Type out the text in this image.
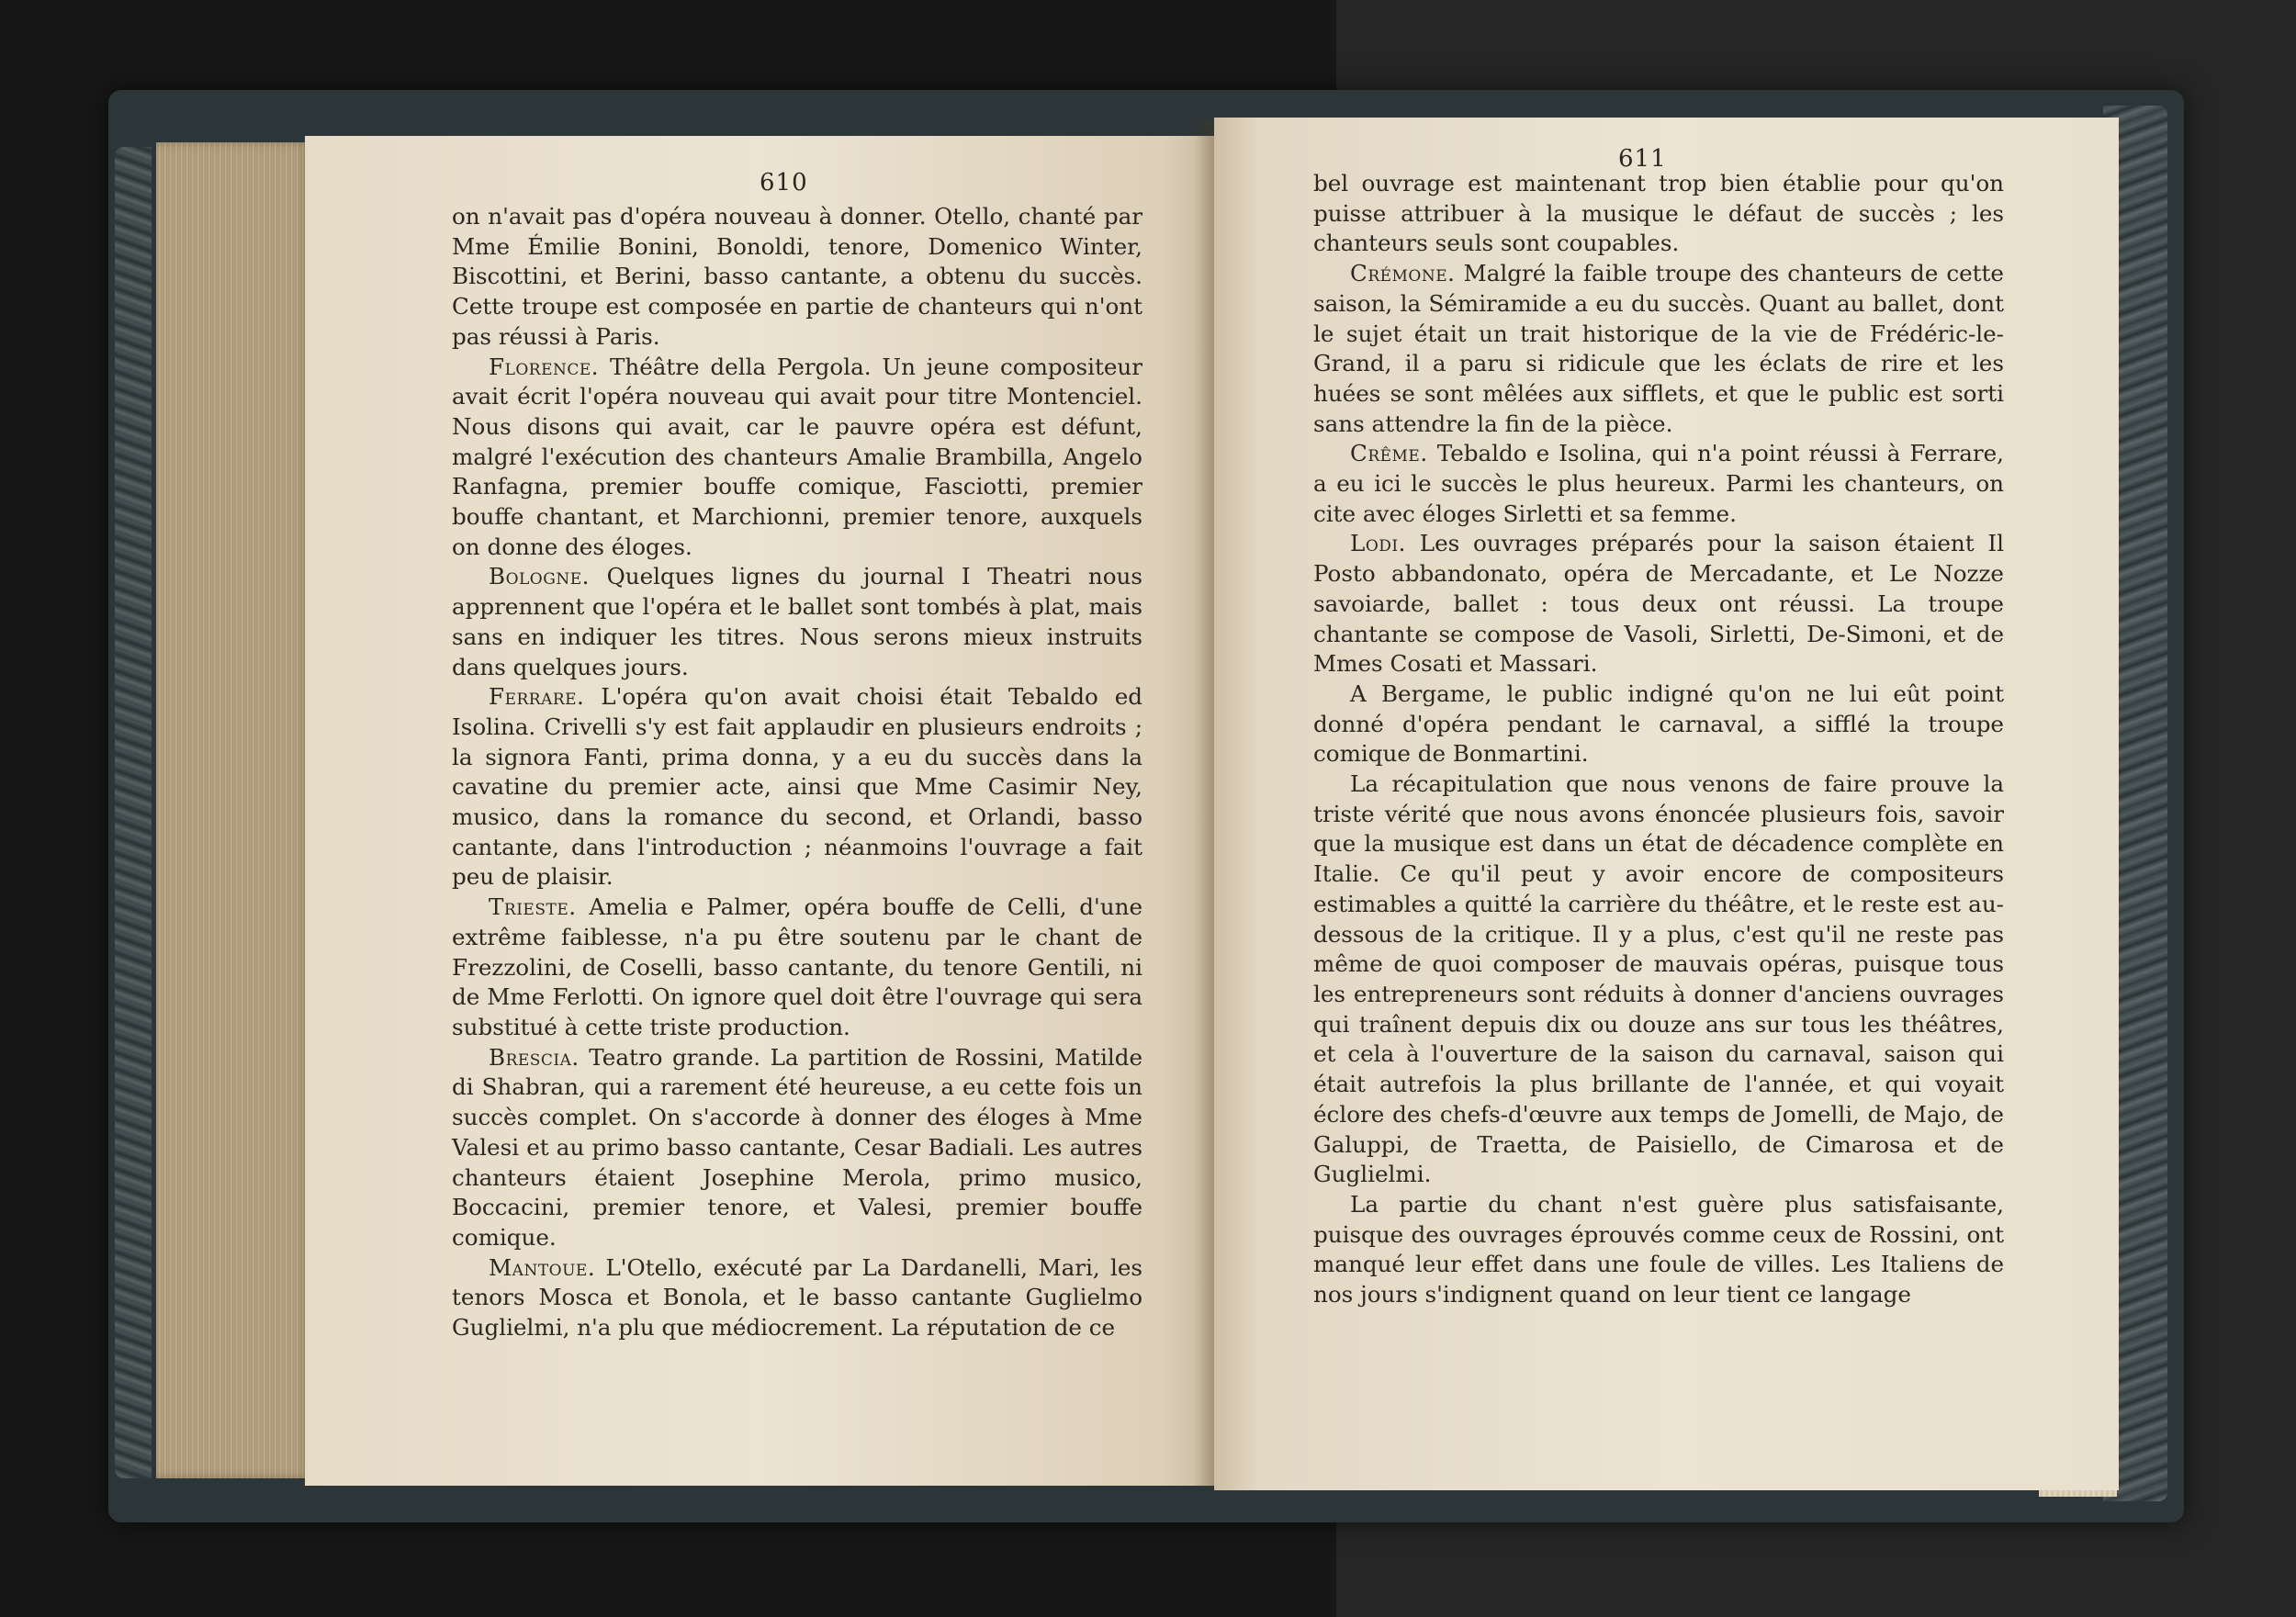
610

on n'avait pas d'opéra nouveau à donner. Otello, chanté par Mme Émilie Bonini, Bonoldi, tenore, Domenico Winter, Biscottini, et Berini, basso cantante, a obtenu du succès. Cette troupe est composée en partie de chanteurs qui n'ont pas réussi à Paris.

Florence. Théâtre della Pergola. Un jeune compositeur avait écrit l'opéra nouveau qui avait pour titre Montenciel. Nous disons qui avait, car le pauvre opéra est défunt, malgré l'exécution des chanteurs Amalie Brambilla, Angelo Ranfagna, premier bouffe comique, Fasciotti, premier bouffe chantant, et Marchionni, premier tenore, auxquels on donne des éloges.

Bologne. Quelques lignes du journal I Theatri nous apprennent que l'opéra et le ballet sont tombés à plat, mais sans en indiquer les titres. Nous serons mieux instruits dans quelques jours.

Ferrare. L'opéra qu'on avait choisi était Tebaldo ed Isolina. Crivelli s'y est fait applaudir en plusieurs endroits ; la signora Fanti, prima donna, y a eu du succès dans la cavatine du premier acte, ainsi que Mme Casimir Ney, musico, dans la romance du second, et Orlandi, basso cantante, dans l'introduction ; néanmoins l'ouvrage a fait peu de plaisir.

Trieste. Amelia e Palmer, opéra bouffe de Celli, d'une extrême faiblesse, n'a pu être soutenu par le chant de Frezzolini, de Coselli, basso cantante, du tenore Gentili, ni de Mme Ferlotti. On ignore quel doit être l'ouvrage qui sera substitué à cette triste production.

Brescia. Teatro grande. La partition de Rossini, Matilde di Shabran, qui a rarement été heureuse, a eu cette fois un succès complet. On s'accorde à donner des éloges à Mme Valesi et au primo basso cantante, Cesar Badiali. Les autres chanteurs étaient Josephine Merola, primo musico, Boccacini, premier tenore, et Valesi, premier bouffe comique.

Mantoue. L'Otello, exécuté par La Dardanelli, Mari, les tenors Mosca et Bonola, et le basso cantante Guglielmo Guglielmi, n'a plu que médiocrement. La réputation de ce

611

bel ouvrage est maintenant trop bien établie pour qu'on puisse attribuer à la musique le défaut de succès ; les chanteurs seuls sont coupables.

Crémone. Malgré la faible troupe des chanteurs de cette saison, la Sémiramide a eu du succès. Quant au ballet, dont le sujet était un trait historique de la vie de Frédéric-le-Grand, il a paru si ridicule que les éclats de rire et les huées se sont mêlées aux sifflets, et que le public est sorti sans attendre la fin de la pièce.

Crême. Tebaldo e Isolina, qui n'a point réussi à Ferrare, a eu ici le succès le plus heureux. Parmi les chanteurs, on cite avec éloges Sirletti et sa femme.

Lodi. Les ouvrages préparés pour la saison étaient Il Posto abbandonato, opéra de Mercadante, et Le Nozze savoiarde, ballet : tous deux ont réussi. La troupe chantante se compose de Vasoli, Sirletti, De-Simoni, et de Mmes Cosati et Massari.

A Bergame, le public indigné qu'on ne lui eût point donné d'opéra pendant le carnaval, a sifflé la troupe comique de Bonmartini.

La récapitulation que nous venons de faire prouve la triste vérité que nous avons énoncée plusieurs fois, savoir que la musique est dans un état de décadence complète en Italie. Ce qu'il peut y avoir encore de compositeurs estimables a quitté la carrière du théâtre, et le reste est au-dessous de la critique. Il y a plus, c'est qu'il ne reste pas même de quoi composer de mauvais opéras, puisque tous les entrepreneurs sont réduits à donner d'anciens ouvrages qui traînent depuis dix ou douze ans sur tous les théâtres, et cela à l'ouverture de la saison du carnaval, saison qui était autrefois la plus brillante de l'année, et qui voyait éclore des chefs-d'œuvre aux temps de Jomelli, de Majo, de Galuppi, de Traetta, de Paisiello, de Cimarosa et de Guglielmi.

La partie du chant n'est guère plus satisfaisante, puisque des ouvrages éprouvés comme ceux de Rossini, ont manqué leur effet dans une foule de villes. Les Italiens de nos jours s'indignent quand on leur tient ce langage
